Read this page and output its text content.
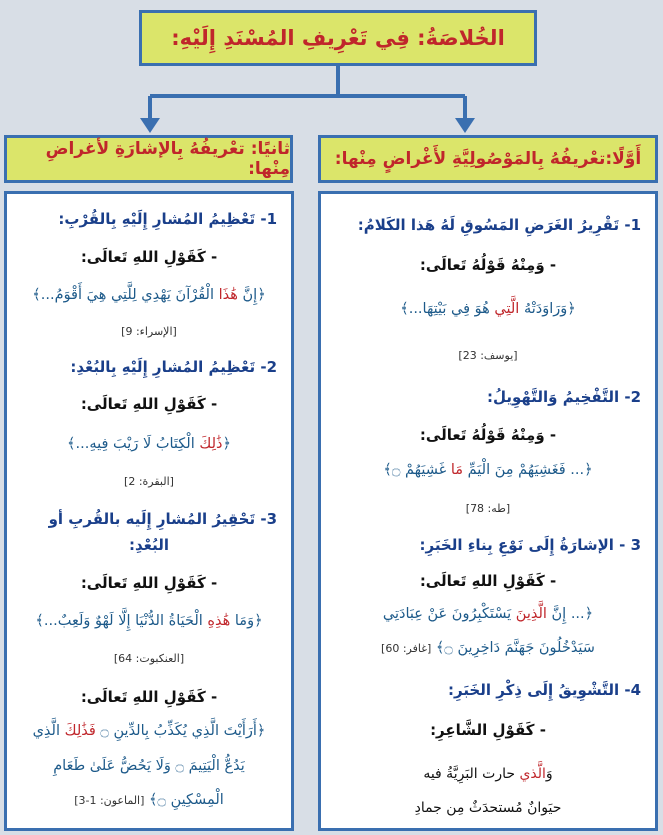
الخُلاصَةُ: فِي تَعْرِيفِ المُسْنَدِ إِلَيْهِ:
ثانيًا: تعْريفُهُ بِالإشارَةِ لأغراضِ مِنْها:	أَوَّلًا:تعْريفُهُ بِالمَوْصُولِيَّةِ لأَغْراضٍ مِنْها:
1- تَعْظِيمُ المُشارِ إِلَيْهِ بِالقُرْبِ:
- كَقَوْلِ اللهِ تَعالَى:
﴿إِنَّ هَٰذَا الْقُرْآنَ يَهْدِي لِلَّتِي هِيَ أَقْوَمُ...﴾
[الإسراء: 9]
2- تَعْظِيمُ المُشارِ إِلَيْهِ بِالبُعْدِ:
- كَقَوْلِ اللهِ تَعالَى:
﴿ذَٰلِكَ الْكِتَابُ لَا رَيْبَ فِيهِ...﴾
[البقرة: 2]
3- تَحْقِيرُ المُشارِ إِلَيه بالقُربِ أو
البُعْدِ:
- كَقَوْلِ اللهِ تَعالَى:
﴿وَمَا هَٰذِهِ الْحَيَاةُ الدُّنْيَا إِلَّا لَهْوٌ وَلَعِبٌ...﴾
[العنكبوت: 64]
- كَقَوْلِ اللهِ تَعالَى:
﴿أَرَأَيْتَ الَّذِي يُكَذِّبُ بِالدِّينِ ۝ فَذَٰلِكَ الَّذِي
يَدُعُّ الْيَتِيمَ ۝ وَلَا يَحُضُّ عَلَىٰ طَعَامِ
الْمِسْكِينِ ۝﴾ [الماعون: 1-3]
1- تَقْرِيرُ الغَرَضِ المَسُوقِ لَهُ هَذا الكَلامُ:
- وَمِنْهُ قَوْلُهُ تَعالَى:
﴿وَرَاوَدَتْهُ الَّتِي هُوَ فِي بَيْتِهَا...﴾
[يوسف: 23]
2- التَّفْخِيمُ وَالتَّهْوِيلُ:
- وَمِنْهُ قَوْلُهُ تَعالَى:
﴿... فَغَشِيَهُمْ مِنَ الْيَمِّ مَا غَشِيَهُمْ ۝﴾
[طه: 78]
3 - الإشارَةُ إِلَى نَوْعِ بِناءِ الخَبَرِ:
- كَقَوْلِ اللهِ تَعالَى:
﴿... إِنَّ الَّذِينَ يَسْتَكْبِرُونَ عَنْ عِبَادَتِي
سَيَدْخُلُونَ جَهَنَّمَ دَاخِرِينَ ۝﴾ [غافر: 60]
4- التَّشْوِيقُ إِلَى ذِكْرِ الخَبَرِ:
- كَقَوْلِ الشَّاعِرِ:
وَالَّذي حارت البَرِيَّةُ فيه
حيَوانٌ مُستحدَثٌ مِن جمادِ
